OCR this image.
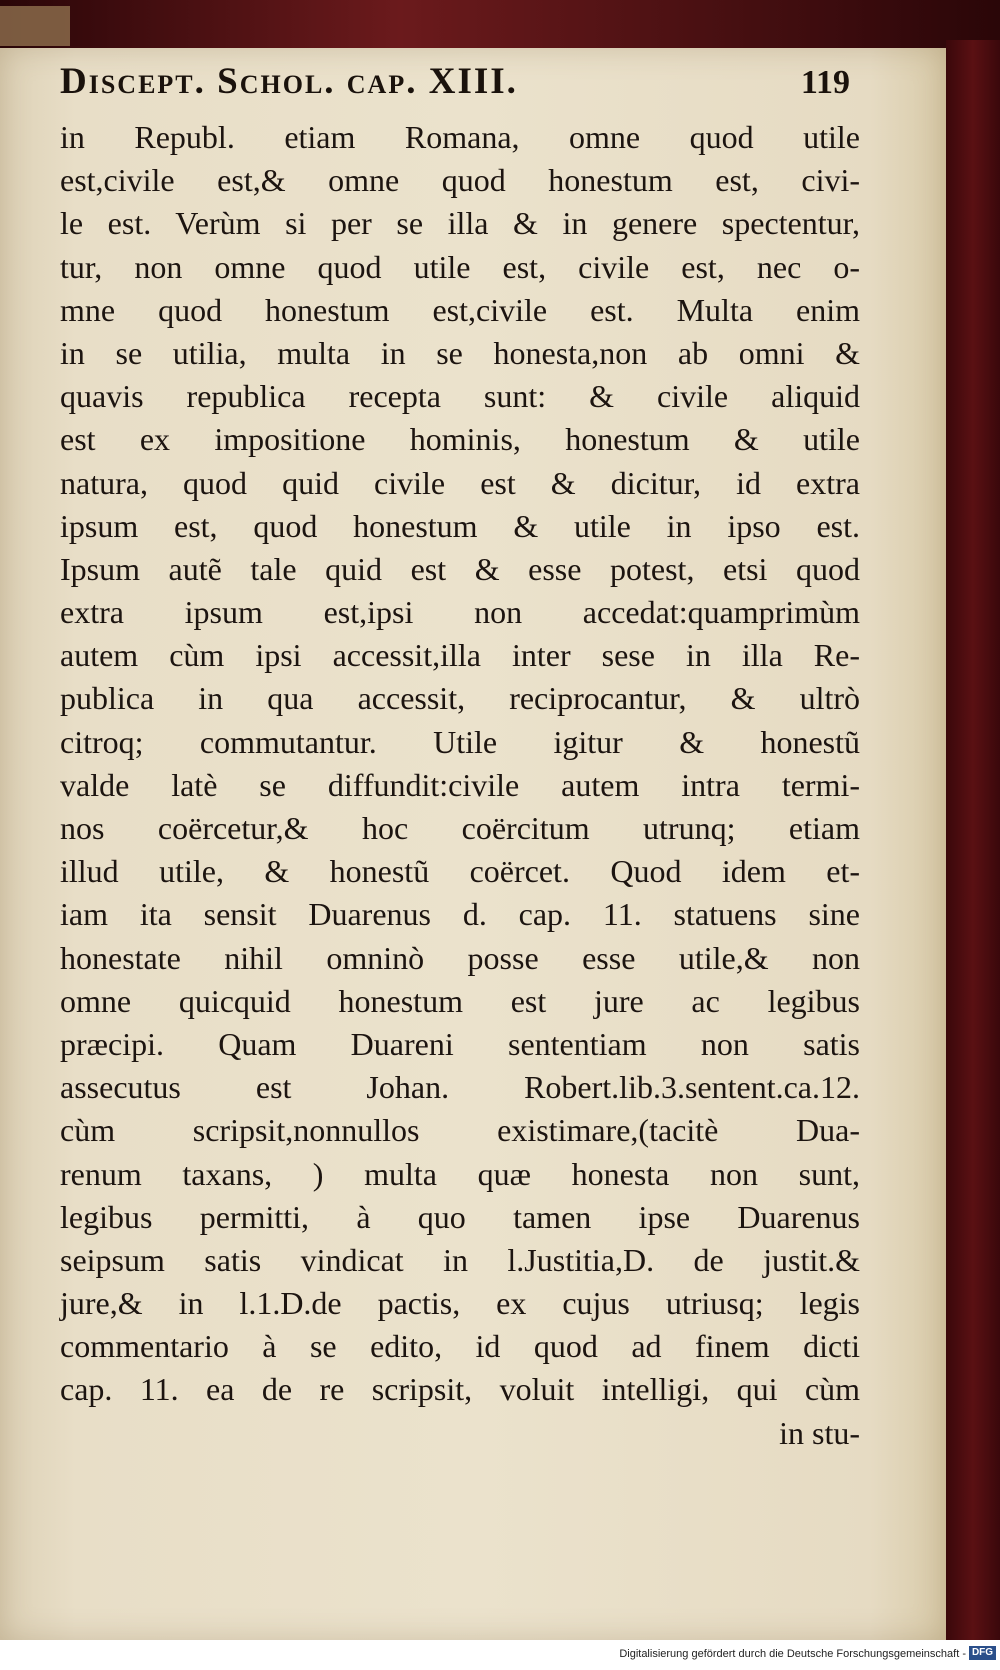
Discept. Schol. cap. XIII.	119
in Republ. etiam Romana, omne quod utile
est,civile est,& omne quod honestum est, civi-
le est. Verùm si per se illa & in genere spectentur,
tur, non omne quod utile est, civile est, nec o-
mne quod honestum est,civile est. Multa enim
in se utilia, multa in se honesta,non ab omni &
quavis republica recepta sunt: & civile aliquid
est ex impositione hominis, honestum & utile
natura, quod quid civile est & dicitur, id extra
ipsum est, quod honestum & utile in ipso est.
Ipsum autẽ tale quid est & esse potest, etsi quod
extra ipsum est,ipsi non accedat:quamprimùm
autem cùm ipsi accessit,illa inter sese in illa Re-
publica in qua accessit, reciprocantur, & ultrò
citroq; commutantur. Utile igitur & honestũ
valde latè se diffundit:civile autem intra termi-
nos coërcetur,& hoc coërcitum utrunq; etiam
illud utile, & honestũ coërcet. Quod idem et-
iam ita sensit Duarenus d. cap. 11. statuens sine
honestate nihil omninò posse esse utile,& non
omne quicquid honestum est jure ac legibus
præcipi. Quam Duareni sententiam non satis
assecutus est Johan. Robert.lib.3.sentent.ca.12.
cùm scripsit,nonnullos existimare,(tacitè Dua-
renum taxans, ) multa quæ honesta non sunt,
legibus permitti, à quo tamen ipse Duarenus
seipsum satis vindicat in l.Justitia,D. de justit.&
jure,& in l.1.D.de pactis, ex cujus utriusq; legis
commentario à se edito, id quod ad finem dicti
cap. 11. ea de re scripsit, voluit intelligi, qui cùm
in stu-
Digitalisierung gefördert durch die Deutsche Forschungsgemeinschaft - DFG
